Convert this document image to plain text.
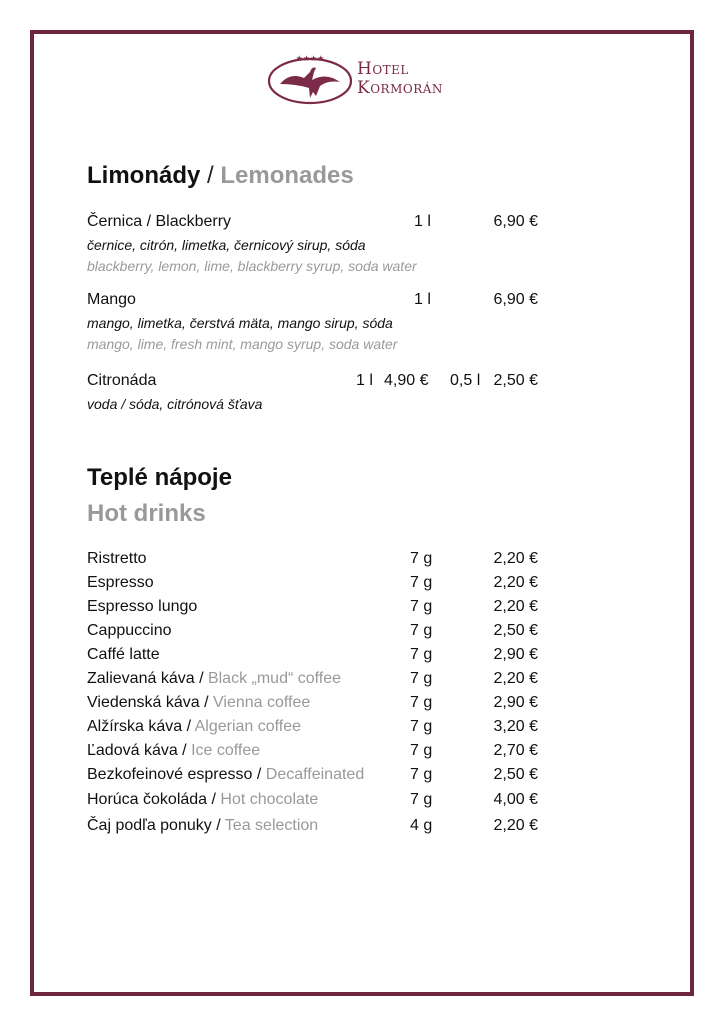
★★★★
Hotel
Kormorán
Limonády / Lemonades
Černica / Blackberry	1 l	6,90 €
černice, citrón, limetka, černicový sirup, sóda
blackberry, lemon, lime, blackberry syrup, soda water
Mango	1 l	6,90 €
mango, limetka, čerstvá mäta, mango sirup, sóda
mango, lime, fresh mint, mango syrup, soda water
Citronáda	1 l 4,90 € 0,5 l 2,50 €
voda / sóda, citrónová šťava
Teplé nápoje
Hot drinks
Ristretto	7 g	2,20 €
Espresso	7 g	2,20 €
Espresso lungo	7 g	2,20 €
Cappuccino	7 g	2,50 €
Caffé latte	7 g	2,90 €
Zalievaná káva / Black „mud“ coffee	7 g	2,20 €
Viedenská káva / Vienna coffee	7 g	2,90 €
Alžírska káva / Algerian coffee	7 g	3,20 €
Ľadová káva / Ice coffee	7 g	2,70 €
Bezkofeinové espresso / Decaffeinated	7 g	2,50 €
Horúca čokoláda / Hot chocolate	7 g	4,00 €
Čaj podľa ponuky / Tea selection	4 g	2,20 €
